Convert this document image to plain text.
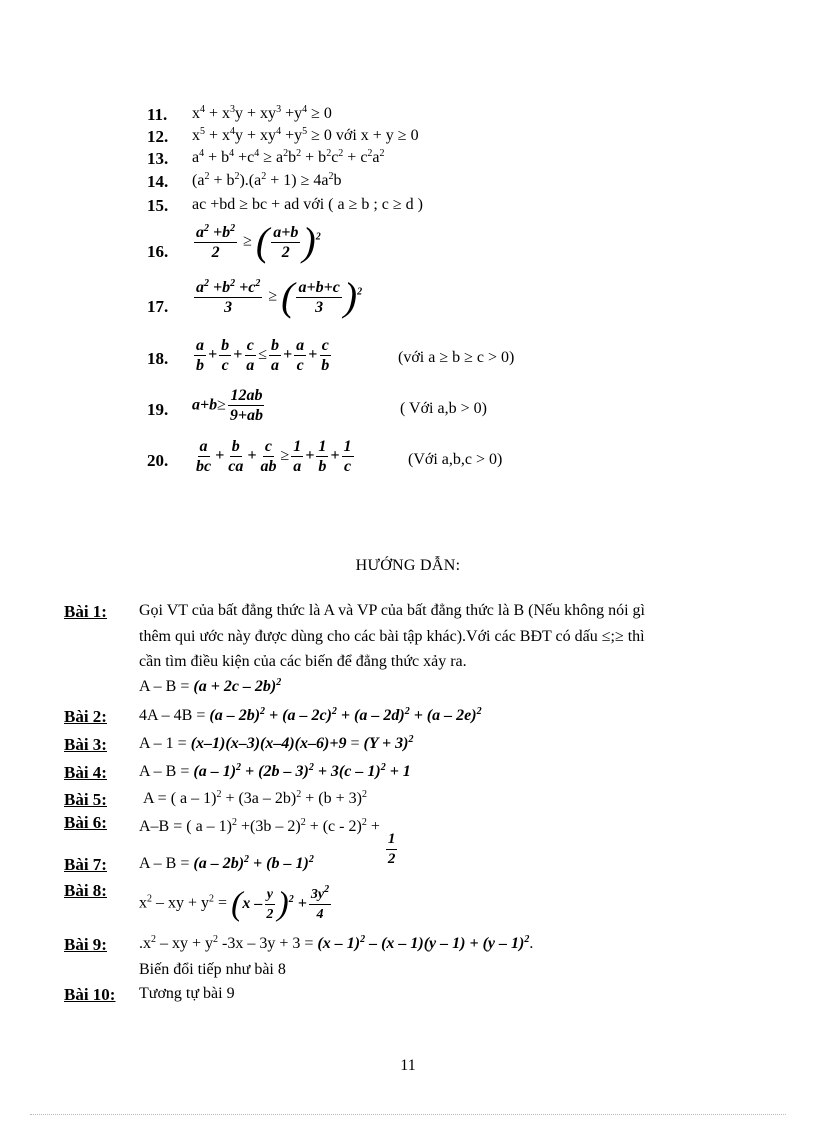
11. $x^4 + x^3y + xy^3 +y^4 \ge 0$
12. $x^5 + x^4y + xy^4 +y^5 \ge 0$ với x + y ≥ 0
13. $a^4 + b^4 +c^4 \ge a^2b^2 + b^2c^2 + c^2a^2$
14. $(a^2 + b^2).(a^2 + 1) \ge 4a^2b$
15. ac +bd ≥ bc + ad với ( a ≥ b ; c ≥ d )
16. $\frac{a^2 +b^2}{2}$ ≥ ( $\frac{a+b}{2} )^2$
17. $\frac{a^2 +b^2 +c^2}{3}$ ≥ ( $\frac{a+b+c}{3} )^2$
18. $\frac{a}{b} + \frac{b}{c} + \frac{c}{a} \le \frac{b}{a} + \frac{a}{c} + \frac{c}{b}$	(với a ≥ b ≥ c > 0)
19. $a+b\ge \frac{12ab}{9+ab}$	( Với a,b > 0)
20. $\frac{a}{bc} + \frac{b}{ca} + \frac{c}{ab} \ge \frac{1}{a} + \frac{1}{b} + \frac{1}{c}$	(Với a,b,c > 0)
HƯỚNG DẪN:
Bài 1: Gọi VT của bất đẳng thức là A và VP của bất đẳng thức là B (Nếu không nói gì
thêm qui ước này được dùng cho các bài tập khác).Với các BĐT có dấu ≤;≥ thì
cần tìm điều kiện của các biến để đẳng thức xảy ra.
$A - B = (a + 2c - 2b)^2$
Bài 2: 4A – 4B = (a – 2b)$^2$ + (a – 2c)$^2$ + (a – 2d)$^2$ + (a – 2e)$^2$
Bài 3: $A - 1 = (x-1)(x-3)(x-4)(x-6)+9 = (Y + 3)^2$
Bài 4: A – B = (a – 1)$^2$ + (2b – 3)$^2$ + 3(c – 1)$^2$ + 1
Bài 5: A = ( $a - 1)^2 + (3a - 2b)^2 + (b + 3)^2$
Bài 6: A–B = ( a – 1)$^2$ +(3b – 2)$^2$ + (c - 2)$^2$ +
$\frac{1}{2}$
Bài 7: A – B = (a – 2b)$^2$ + (b – 1)$^2$
Bài 8:
$x^2$ – xy + $y^2 = (x - \frac{y}{2} )^2 + \frac{3y^2}{4}$
Bài 9: $.x^2$ – xy + $y^2$ -3x – 3y + 3 = (x – 1)$^2$ – (x – 1)(y – 1) + (y – 1)$^2$.
Biến đổi tiếp như bài 8
Bài 10: Tương tự bài 9
11
